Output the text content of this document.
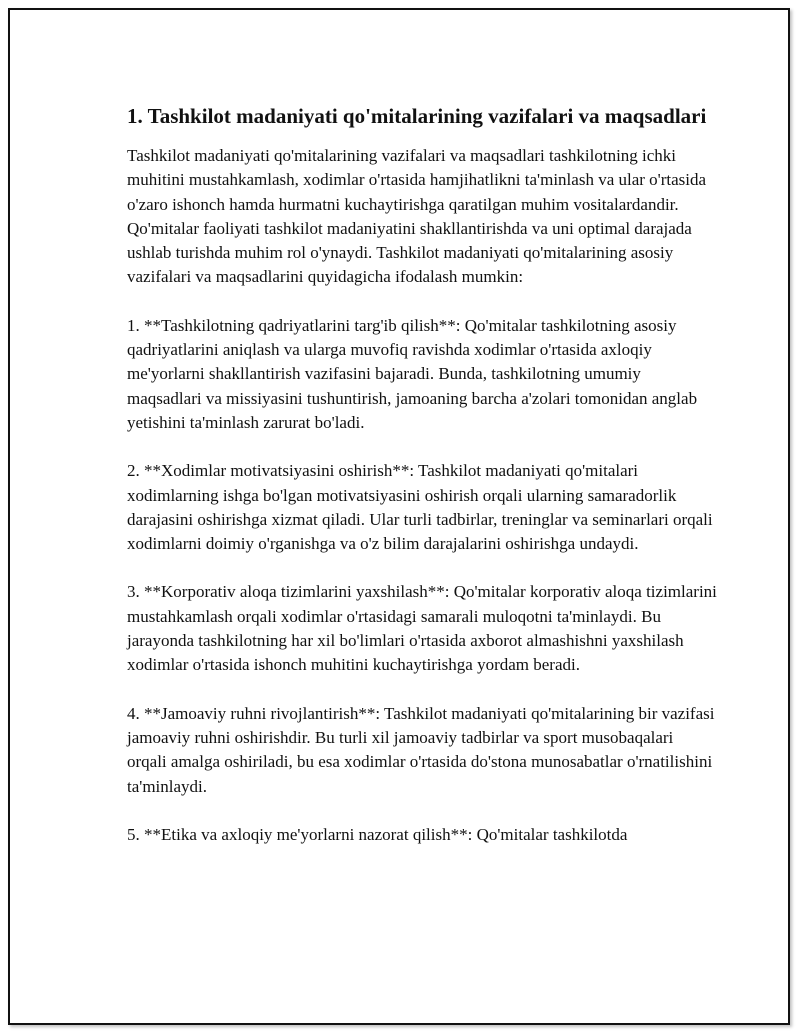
1. Tashkilot madaniyati qo'mitalarining vazifalari va maqsadlari

Tashkilot madaniyati qo'mitalarining vazifalari va maqsadlari tashkilotning ichki muhitini mustahkamlash, xodimlar o'rtasida hamjihatlikni ta'minlash va ular o'rtasida o'zaro ishonch hamda hurmatni kuchaytirishga qaratilgan muhim vositalardandir. Qo'mitalar faoliyati tashkilot madaniyatini shakllantirishda va uni optimal darajada ushlab turishda muhim rol o'ynaydi. Tashkilot madaniyati qo'mitalarining asosiy vazifalari va maqsadlarini quyidagicha ifodalash mumkin:

1. **Tashkilotning qadriyatlarini targ'ib qilish**: Qo'mitalar tashkilotning asosiy qadriyatlarini aniqlash va ularga muvofiq ravishda xodimlar o'rtasida axloqiy me'yorlarni shakllantirish vazifasini bajaradi. Bunda, tashkilotning umumiy maqsadlari va missiyasini tushuntirish, jamoaning barcha a'zolari tomonidan anglab yetishini ta'minlash zarurat bo'ladi.

2. **Xodimlar motivatsiyasini oshirish**: Tashkilot madaniyati qo'mitalari xodimlarning ishga bo'lgan motivatsiyasini oshirish orqali ularning samaradorlik darajasini oshirishga xizmat qiladi. Ular turli tadbirlar, treninglar va seminarlari orqali xodimlarni doimiy o'rganishga va o'z bilim darajalarini oshirishga undaydi.

3. **Korporativ aloqa tizimlarini yaxshilash**: Qo'mitalar korporativ aloqa tizimlarini mustahkamlash orqali xodimlar o'rtasidagi samarali muloqotni ta'minlaydi. Bu jarayonda tashkilotning har xil bo'limlari o'rtasida axborot almashishni yaxshilash xodimlar o'rtasida ishonch muhitini kuchaytirishga yordam beradi.

4. **Jamoaviy ruhni rivojlantirish**: Tashkilot madaniyati qo'mitalarining bir vazifasi jamoaviy ruhni oshirishdir. Bu turli xil jamoaviy tadbirlar va sport musobaqalari orqali amalga oshiriladi, bu esa xodimlar o'rtasida do'stona munosabatlar o'rnatilishini ta'minlaydi.

5. **Etika va axloqiy me'yorlarni nazorat qilish**: Qo'mitalar tashkilotda
